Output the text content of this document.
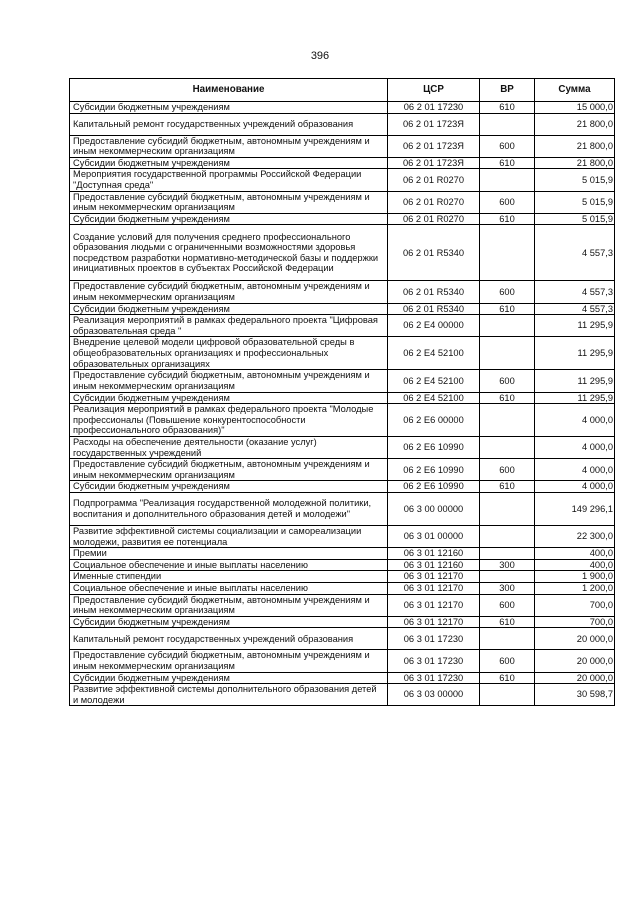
396
Наименование	ЦСР	ВР	Сумма
Субсидии бюджетным учреждениям	06 2 01 17230	610	15 000,0
Капитальный ремонт государственных учреждений образования	06 2 01 1723Я		21 800,0
Предоставление субсидий бюджетным, автономным учреждениям и иным некоммерческим организациям	06 2 01 1723Я	600	21 800,0
Субсидии бюджетным учреждениям	06 2 01 1723Я	610	21 800,0
Мероприятия государственной программы Российской Федерации "Доступная среда"	06 2 01 R0270		5 015,9
Предоставление субсидий бюджетным, автономным учреждениям и иным некоммерческим организациям	06 2 01 R0270	600	5 015,9
Субсидии бюджетным учреждениям	06 2 01 R0270	610	5 015,9
Создание условий для получения среднего профессионального образования людьми с ограниченными возможностями здоровья посредством разработки нормативно-методической базы и поддержки инициативных проектов в субъектах Российской Федерации	06 2 01 R5340		4 557,3
Предоставление субсидий бюджетным, автономным учреждениям и иным некоммерческим организациям	06 2 01 R5340	600	4 557,3
Субсидии бюджетным учреждениям	06 2 01 R5340	610	4 557,3
Реализация мероприятий в рамках федерального проекта "Цифровая образовательная среда "	06 2 E4 00000		11 295,9
Внедрение целевой модели цифровой образовательной среды в общеобразовательных организациях и профессиональных образовательных организациях	06 2 E4 52100		11 295,9
Предоставление субсидий бюджетным, автономным учреждениям и иным некоммерческим организациям	06 2 E4 52100	600	11 295,9
Субсидии бюджетным учреждениям	06 2 E4 52100	610	11 295,9
Реализация мероприятий в рамках федерального проекта "Молодые профессионалы (Повышение конкурентоспособности профессионального образования)"	06 2 E6 00000		4 000,0
Расходы на обеспечение деятельности (оказание услуг) государственных учреждений	06 2 E6 10990		4 000,0
Предоставление субсидий бюджетным, автономным учреждениям и иным некоммерческим организациям	06 2 E6 10990	600	4 000,0
Субсидии бюджетным учреждениям	06 2 E6 10990	610	4 000,0
Подпрограмма "Реализация государственной молодежной политики, воспитания и дополнительного образования детей и молодежи"	06 3 00 00000		149 296,1
Развитие эффективной системы социализации и самореализации молодежи, развития ее потенциала	06 3 01 00000		22 300,0
Премии	06 3 01 12160		400,0
Социальное обеспечение и иные выплаты населению	06 3 01 12160	300	400,0
Именные стипендии	06 3 01 12170		1 900,0
Социальное обеспечение и иные выплаты населению	06 3 01 12170	300	1 200,0
Предоставление субсидий бюджетным, автономным учреждениям и иным некоммерческим организациям	06 3 01 12170	600	700,0
Субсидии бюджетным учреждениям	06 3 01 12170	610	700,0
Капитальный ремонт государственных учреждений образования	06 3 01 17230		20 000,0
Предоставление субсидий бюджетным, автономным учреждениям и иным некоммерческим организациям	06 3 01 17230	600	20 000,0
Субсидии бюджетным учреждениям	06 3 01 17230	610	20 000,0
Развитие эффективной системы дополнительного образования детей и молодежи	06 3 03 00000		30 598,7
